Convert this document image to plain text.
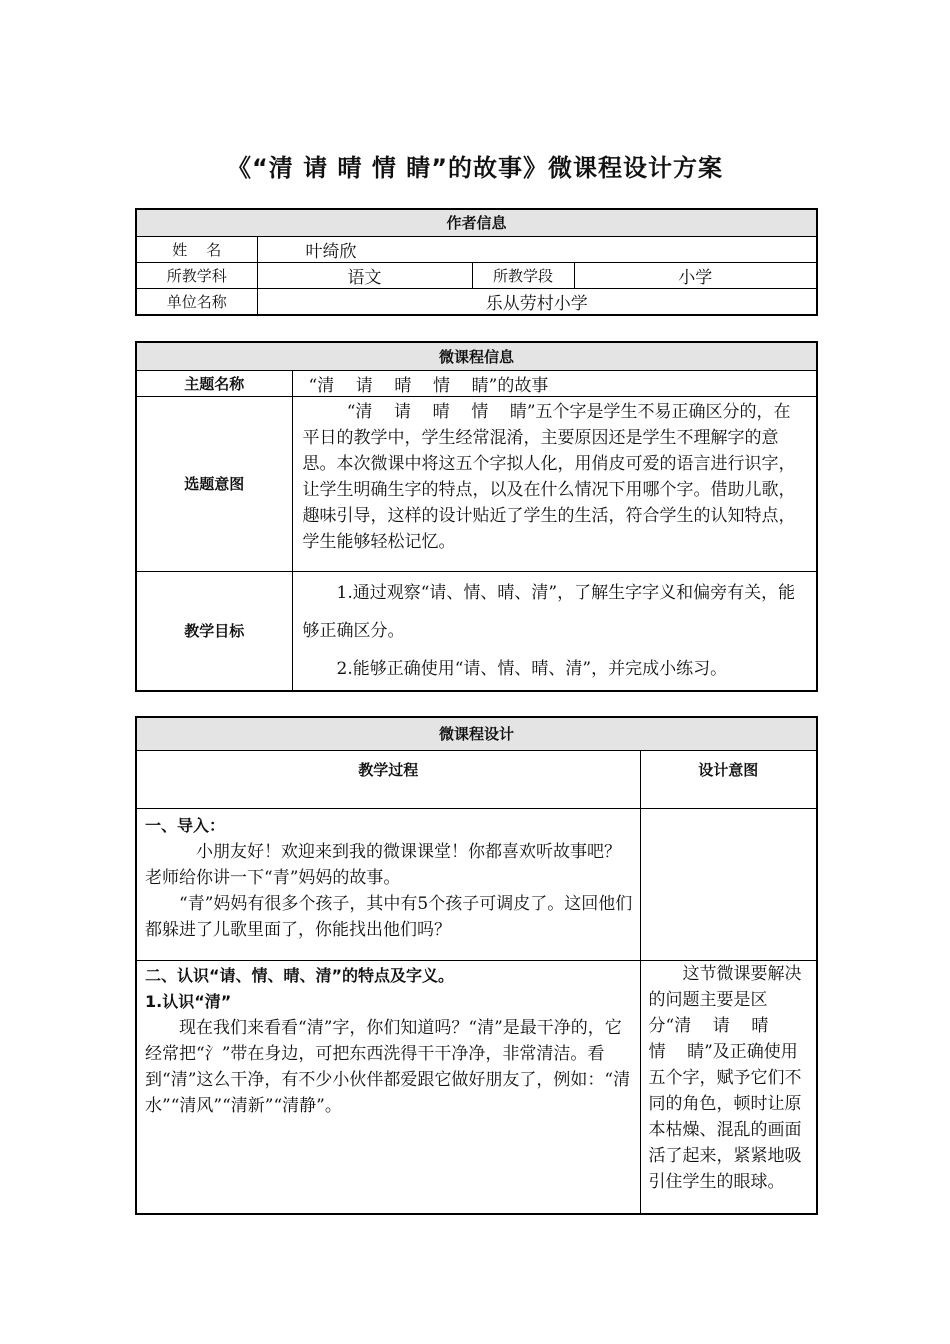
《“清 请 晴 情 睛”的故事》微课程设计方案
作者信息			
姓    名	叶绮欣		
所教学科	语文	所教学段	小学
单位名称	乐从劳村小学		
微课程信息	
主题名称	“清    请    晴    情    睛”的故事
选题意图	“清    请    晴    情    睛”五个字是学生不易正确区分的，在平日的教学中，学生经常混淆，主要原因还是学生不理解字的意思。本次微课中将这五个字拟人化，用俏皮可爱的语言进行识字，让学生明确生字的特点，以及在什么情况下用哪个字。借助儿歌，趣味引导，这样的设计贴近了学生的生活，符合学生的认知特点，学生能够轻松记忆。

教学目标	1.通过观察“请、情、晴、清”，了解生字字义和偏旁有关，能够正确区分。

2.能够正确使用“请、情、晴、清”，并完成小练习。

微课程设计	
教学过程	设计意图

一、导入：

小朋友好！欢迎来到我的微课课堂！你都喜欢听故事吧？老师给你讲一下“青”妈妈的故事。

“青”妈妈有很多个孩子，其中有5个孩子可调皮了。这回他们都躲进了儿歌里面了，你能找出他们吗？	

二、认识“请、情、晴、清”的特点及字义。

1.认识“清”

现在我们来看看“清”字，你们知道吗？“清”是最干净的，它经常把“氵”带在身边，可把东西洗得干干净净，非常清洁。看到“清”这么干净，有不少小伙伴都爱跟它做好朋友了，例如：“清水”“清风”“清新”“清静”。	这节微课要解决的问题主要是区分“清    请    晴    情    睛”及正确使用五个字，赋予它们不同的角色，顿时让原本枯燥、混乱的画面活了起来，紧紧地吸引住学生的眼球。
